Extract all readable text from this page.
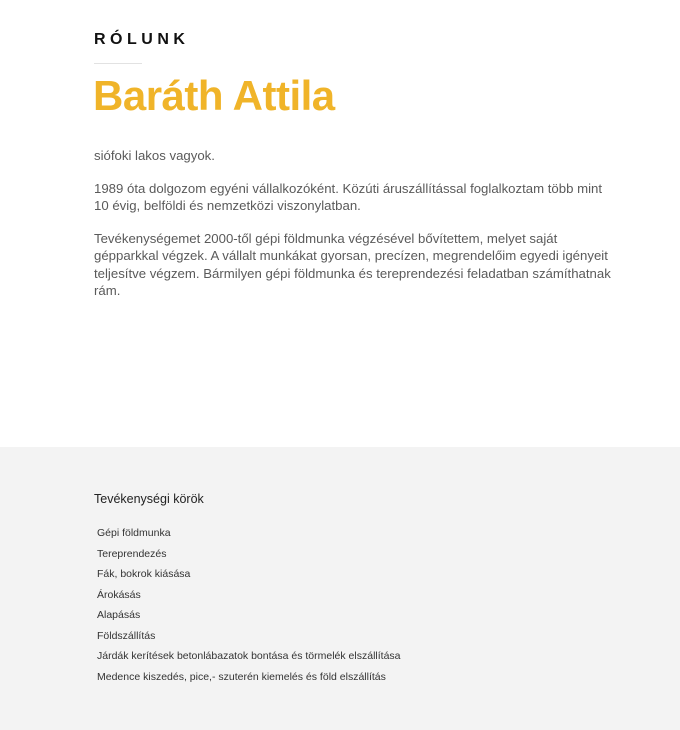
RÓLUNK
Baráth Attila

siófoki lakos vagyok.

1989 óta dolgozom egyéni vállalkozóként. Közúti áruszállítással foglalkoztam több mint 10 évig, belföldi és nemzetközi viszonylatban.

Tevékenységemet 2000-től gépi földmunka végzésével bővítettem, melyet saját gépparkkal végzek. A vállalt munkákat gyorsan, precízen, megrendelőim egyedi igényeit teljesítve végzem. Bármilyen gépi földmunka és tereprendezési feladatban számíthatnak rám.

Tevékenységi körök
Gépi földmunka
Tereprendezés
Fák, bokrok kiásása
Árokásás
Alapásás
Földszállítás
Járdák kerítések betonlábazatok bontása és törmelék elszállítása
Medence kiszedés, pice,- szuterén kiemelés és föld elszállítás
